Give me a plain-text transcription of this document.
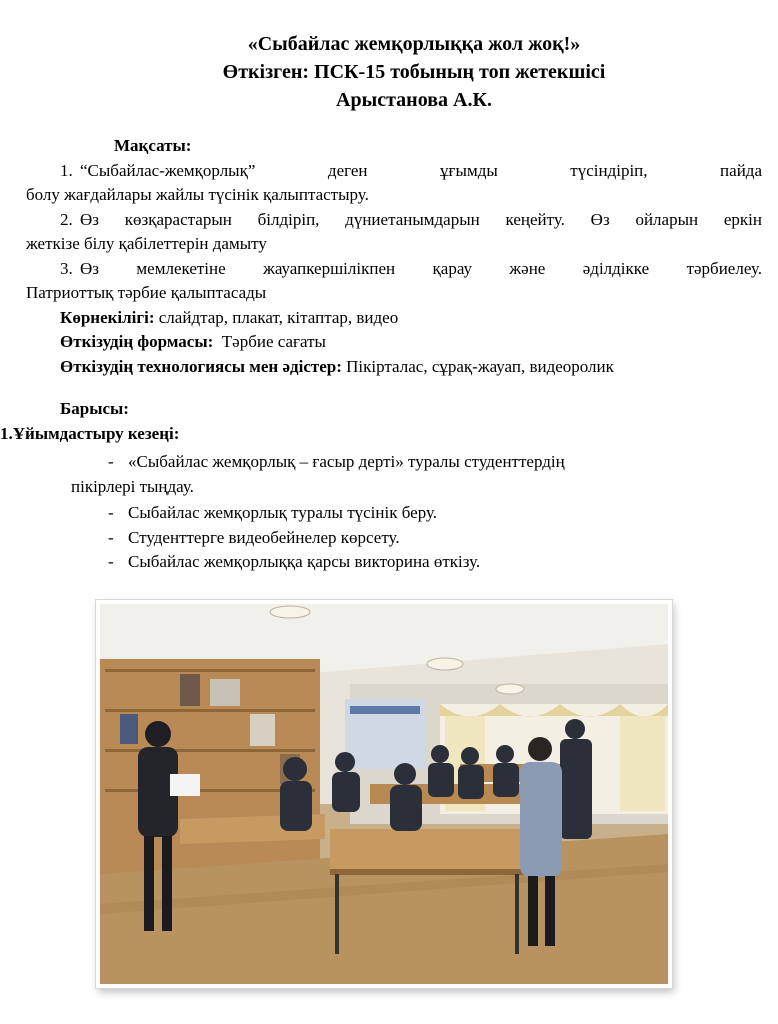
«Сыбайлас жемқорлыққа жол жоқ!»
Өткізген: ПСК-15 тобының топ жетекшісі
Арыстанова А.К.
Мақсаты:
1. “Сыбайлас-жемқорлық” деген ұғымды түсіндіріп, пайда
болу жағдайлары жайлы түсінік қалыптастыру.
2. Өз көзқарастарын білдіріп, дүниетанымдарын кеңейту. Өз ойларын еркін
жеткізе білу қабілеттерін дамыту
3. Өз мемлекетіне жауапкершілікпен қарау және әділдікке тәрбиелеу.
Патриоттық тәрбие қалыптасады
Көрнекілігі: слайдтар, плакат, кітаптар, видео
Өткізудің формасы:  Тәрбие сағаты
Өткізудің технологиясы мен әдістер: Пікірталас, сұрақ-жауап, видеоролик
Барысы:
1.Ұйымдастыру кезеңі:
- «Сыбайлас жемқорлық – ғасыр дерті» туралы студенттердің
пікірлері тыңдау.
- Сыбайлас жемқорлық туралы түсінік беру.
- Студенттерге видеобейнелер көрсету.
- Сыбайлас жемқорлыққа қарсы викторина өткізу.
